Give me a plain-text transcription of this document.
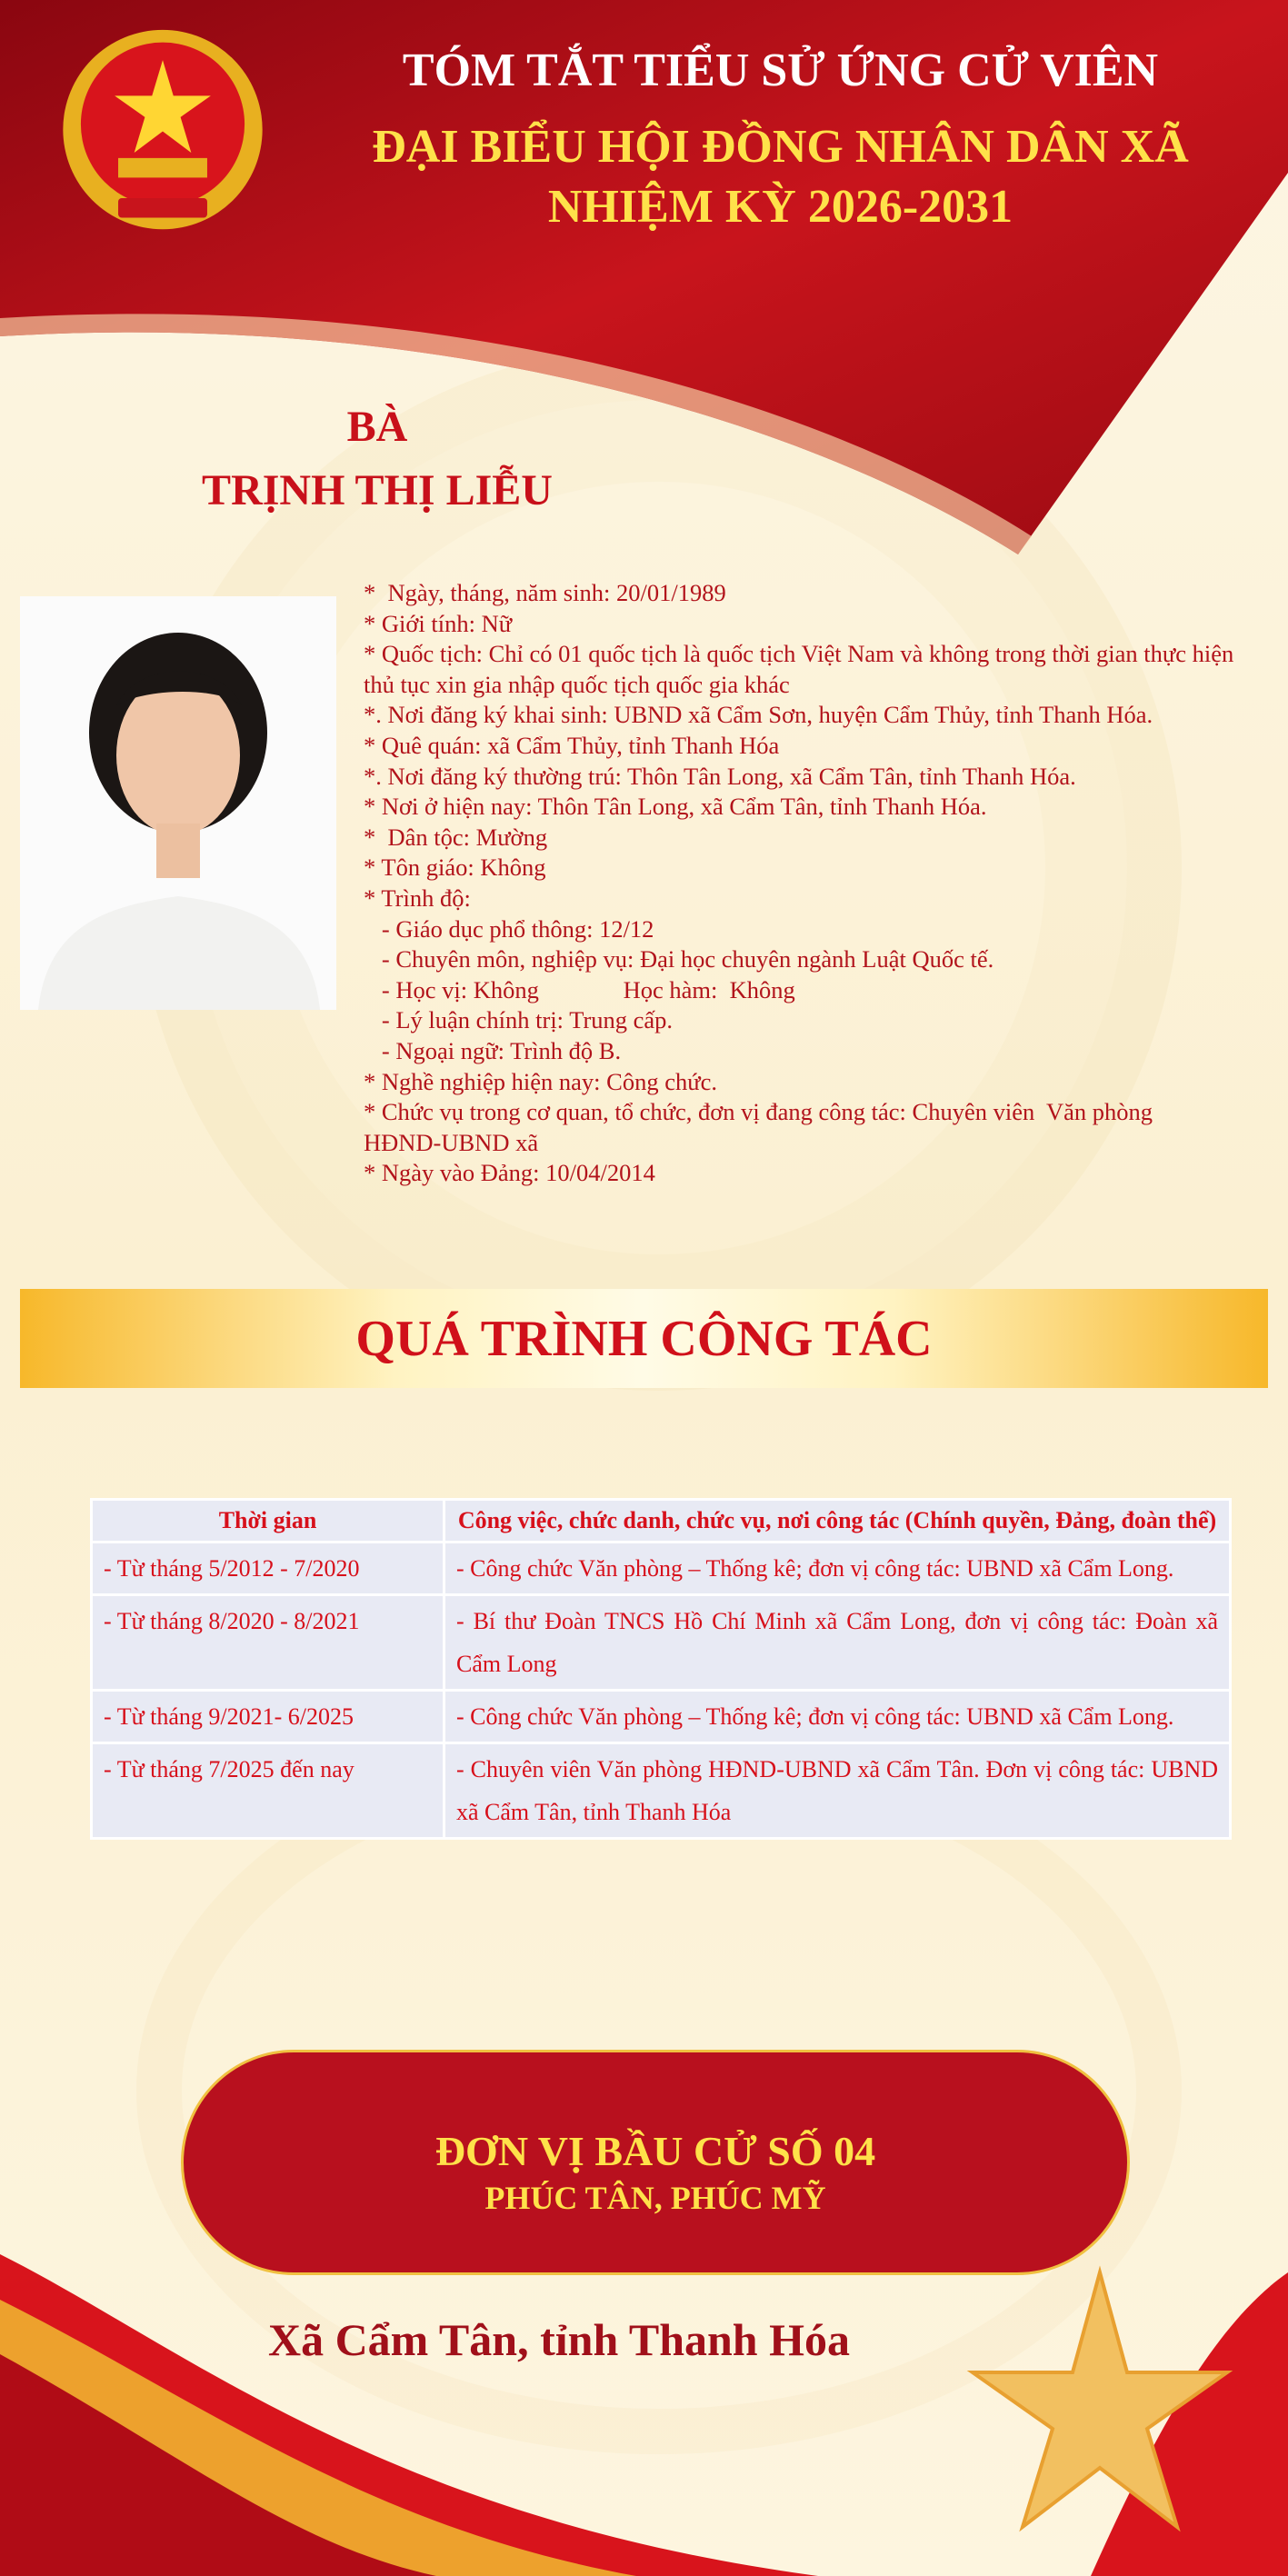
TÓM TẮT TIỂU SỬ ỨNG CỬ VIÊN
ĐẠI BIỂU HỘI ĐỒNG NHÂN DÂN XÃ
NHIỆM KỲ 2026-2031
BÀ
TRỊNH THỊ LIỄU
*  Ngày, tháng, năm sinh: 20/01/1989
* Giới tính: Nữ
* Quốc tịch: Chỉ có 01 quốc tịch là quốc tịch Việt Nam và không trong thời gian thực hiện thủ tục xin gia nhập quốc tịch quốc gia khác
*. Nơi đăng ký khai sinh: UBND xã Cẩm Sơn, huyện Cẩm Thủy, tỉnh Thanh Hóa.
* Quê quán: xã Cẩm Thủy, tỉnh Thanh Hóa
*. Nơi đăng ký thường trú: Thôn Tân Long, xã Cẩm Tân, tỉnh Thanh Hóa.
* Nơi ở hiện nay: Thôn Tân Long, xã Cẩm Tân, tỉnh Thanh Hóa.
*  Dân tộc: Mường
* Tôn giáo: Không
* Trình độ:
- Giáo dục phổ thông: 12/12
- Chuyên môn, nghiệp vụ: Đại học chuyên ngành Luật Quốc tế.
- Học vị: Không              Học hàm:  Không
- Lý luận chính trị: Trung cấp.
- Ngoại ngữ: Trình độ B.
* Nghề nghiệp hiện nay: Công chức.
* Chức vụ trong cơ quan, tổ chức, đơn vị đang công tác: Chuyên viên  Văn phòng HĐND-UBND xã
* Ngày vào Đảng: 10/04/2014
QUÁ TRÌNH CÔNG TÁC
Thời gian	Công việc, chức danh, chức vụ, nơi công tác (Chính quyền, Đảng, đoàn thể)
- Từ tháng 5/2012 - 7/2020	- Công chức Văn phòng – Thống kê; đơn vị công tác: UBND xã Cẩm Long.
- Từ tháng 8/2020 - 8/2021	- Bí thư Đoàn TNCS Hồ Chí Minh xã Cẩm Long, đơn vị công tác: Đoàn xã Cẩm Long
- Từ tháng 9/2021- 6/2025	- Công chức Văn phòng – Thống kê; đơn vị công tác: UBND xã Cẩm Long.
- Từ tháng 7/2025 đến nay	- Chuyên viên Văn phòng HĐND-UBND xã Cẩm Tân. Đơn vị công tác: UBND xã Cẩm Tân, tỉnh Thanh Hóa
ĐƠN VỊ BẦU CỬ SỐ 04
PHÚC TÂN, PHÚC MỸ
Xã Cẩm Tân, tỉnh Thanh Hóa
